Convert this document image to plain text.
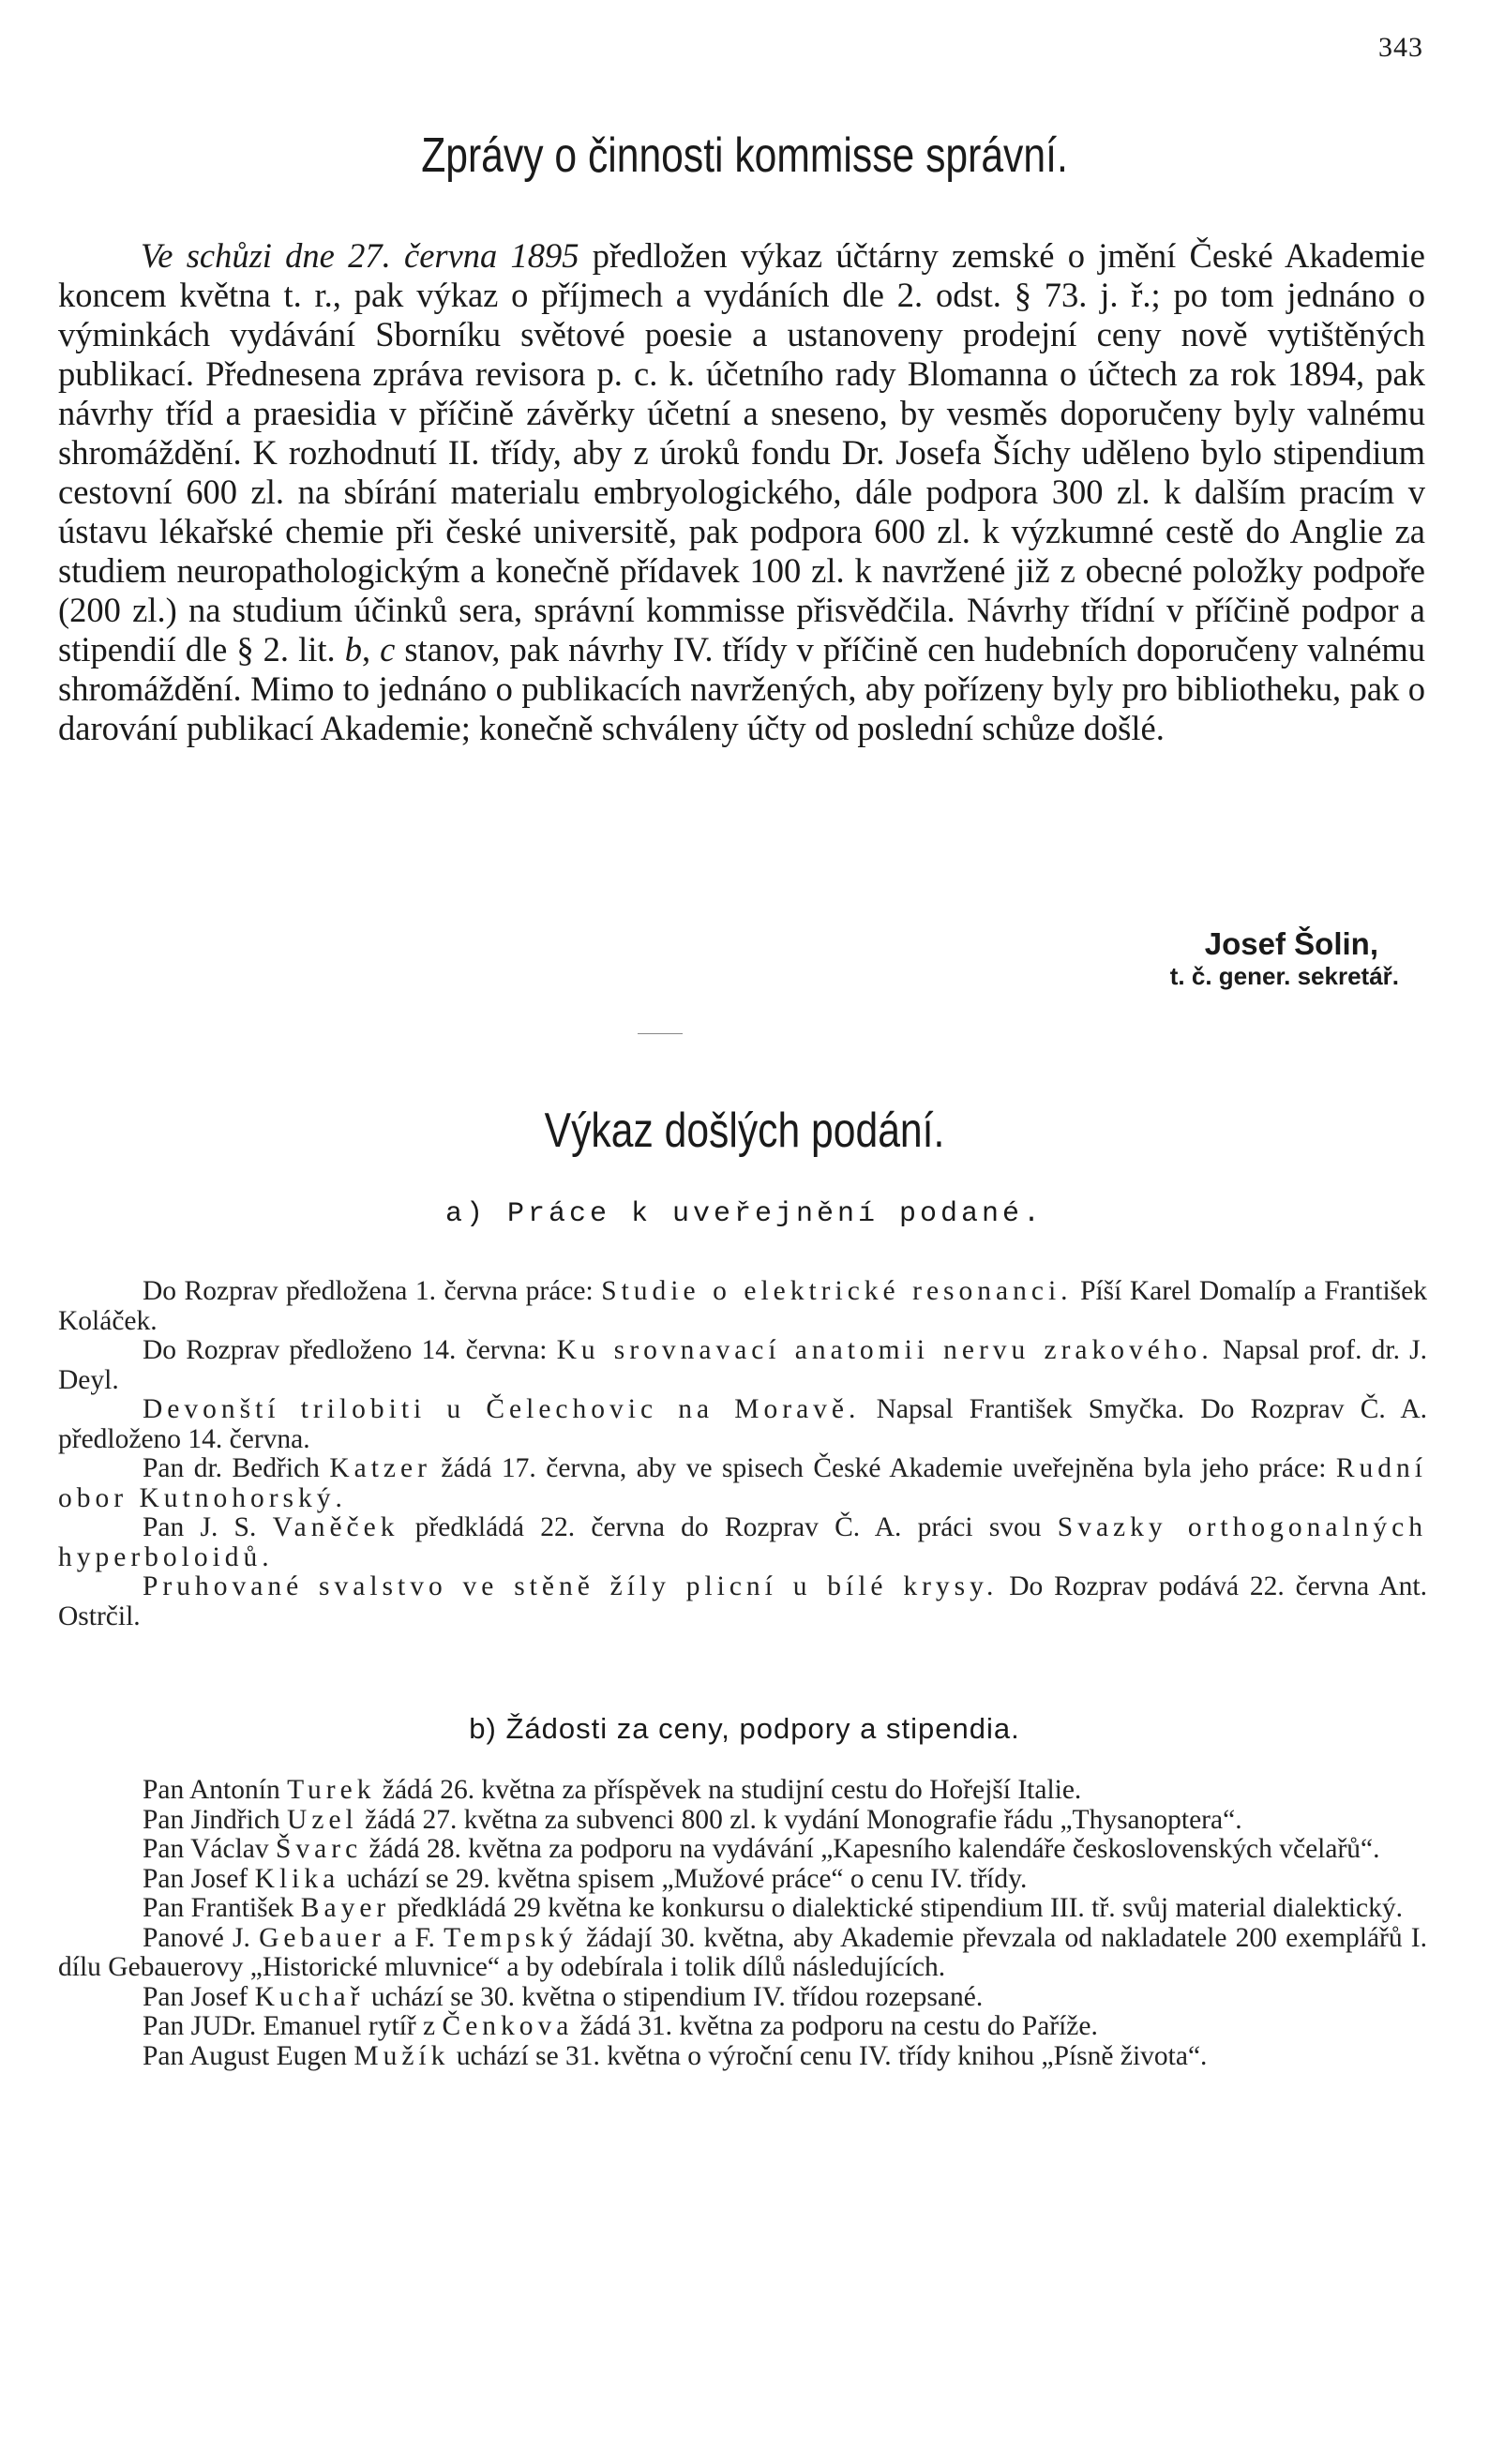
343
Zprávy o činnosti kommisse správní.

Ve schůzi dne 27. června 1895 předložen výkaz účtárny zemské o jmění České Akademie koncem května t. r., pak výkaz o příjmech a vydáních dle 2. odst. § 73. j. ř.; po tom jednáno o výminkách vydávání Sborníku světové poesie a ustanoveny prodejní ceny nově vytištěných publikací. Přednesena zpráva revisora p. c. k. účetního rady Blomanna o účtech za rok 1894, pak návrhy tříd a praesidia v příčině závěrky účetní a sneseno, by vesměs doporučeny byly valnému shromáždění. K rozhodnutí II. třídy, aby z úroků fondu Dr. Josefa Šíchy uděleno bylo stipendium cestovní 600 zl. na sbírání materialu embryologického, dále podpora 300 zl. k dalším pracím v ústavu lékařské chemie při české universitě, pak podpora 600 zl. k výzkumné cestě do Anglie za studiem neuropathologickým a konečně přídavek 100 zl. k navržené již z obecné položky podpoře (200 zl.) na studium účinků sera, správní kommisse přisvědčila. Návrhy třídní v příčině podpor a stipendií dle § 2. lit. b, c stanov, pak návrhy IV. třídy v příčině cen hudebních doporučeny valnému shromáždění. Mimo to jednáno o publikacích navržených, aby pořízeny byly pro bibliotheku, pak o darování publikací Akademie; konečně schváleny účty od poslední schůze došlé.

Josef Šolin,
t. č. gener. sekretář.
Výkaz došlých podání.
a) Práce k uveřejnění podané.

Do Rozprav předložena 1. června práce: Studie o elektrické resonanci. Píší Karel Domalíp a František Koláček.

Do Rozprav předloženo 14. června: Ku srovnavací anatomii nervu zrakového. Napsal prof. dr. J. Deyl.

Devonští trilobiti u Čelechovic na Moravě. Napsal František Smyčka. Do Rozprav Č. A. předloženo 14. června.

Pan dr. Bedřich Katzer žádá 17. června, aby ve spisech České Akademie uveřejněna byla jeho práce: Rudní obor Kutnohorský.

Pan J. S. Vaněček předkládá 22. června do Rozprav Č. A. práci svou Svazky orthogonalných hyperboloidů.

Pruhované svalstvo ve stěně žíly plicní u bílé krysy. Do Rozprav podává 22. června Ant. Ostrčil.

b) Žádosti za ceny, podpory a stipendia.

Pan Antonín Turek žádá 26. května za příspěvek na studijní cestu do Hořejší Italie.

Pan Jindřich Uzel žádá 27. května za subvenci 800 zl. k vydání Monografie řádu „Thysanoptera“.

Pan Václav Švarc žádá 28. května za podporu na vydávání „Kapesního kalendáře československých včelařů“.

Pan Josef Klika uchází se 29. května spisem „Mužové práce“ o cenu IV. třídy.

Pan František Bayer předkládá 29 května ke konkursu o dialektické stipendium III. tř. svůj material dialektický.

Panové J. Gebauer a F. Tempský žádají 30. května, aby Akademie převzala od nakladatele 200 exemplářů I. dílu Gebauerovy „Historické mluvnice“ a by odebírala i tolik dílů následujících.

Pan Josef Kuchař uchází se 30. května o stipendium IV. třídou rozepsané.

Pan JUDr. Emanuel rytíř z Čenkova žádá 31. května za podporu na cestu do Paříže.

Pan August Eugen Mužík uchází se 31. května o výroční cenu IV. třídy knihou „Písně života“.
